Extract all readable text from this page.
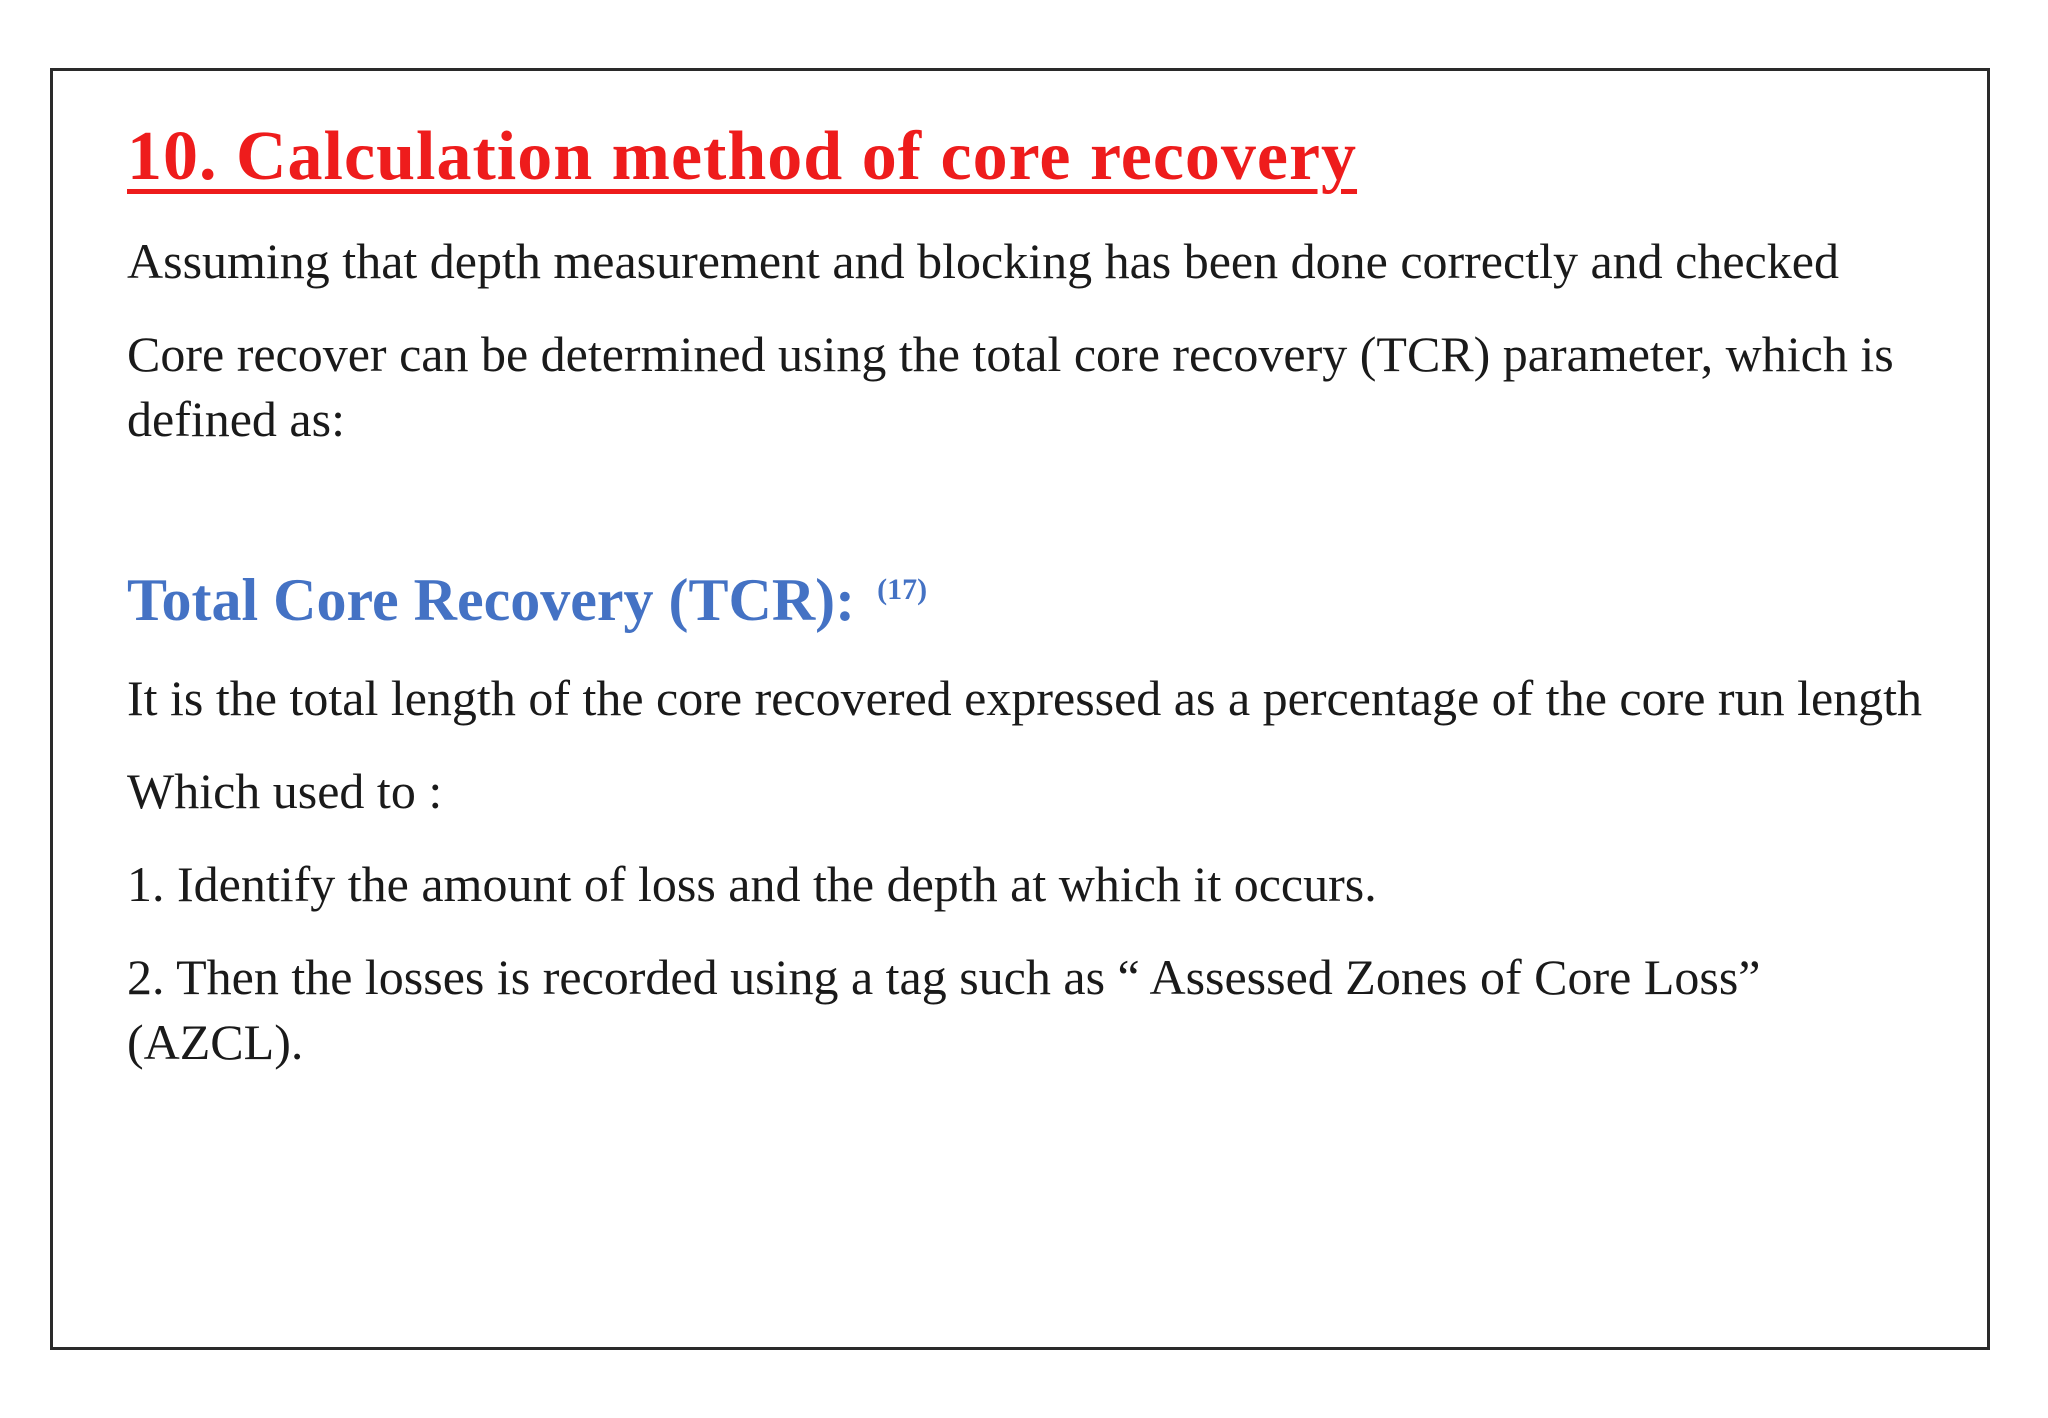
10. Calculation method of core recovery

Assuming that depth measurement and blocking has been done correctly and checked

Core recover can be determined using the total core recovery (TCR) parameter, which is defined as:

Total Core Recovery (TCR): $^{(17)}$

It is the total length of the core recovered expressed as a percentage of the core run length

Which used to :

1. Identify the amount of loss and the depth at which it occurs.

2. Then the losses is recorded using a tag such as “ Assessed Zones of Core Loss” (AZCL).
